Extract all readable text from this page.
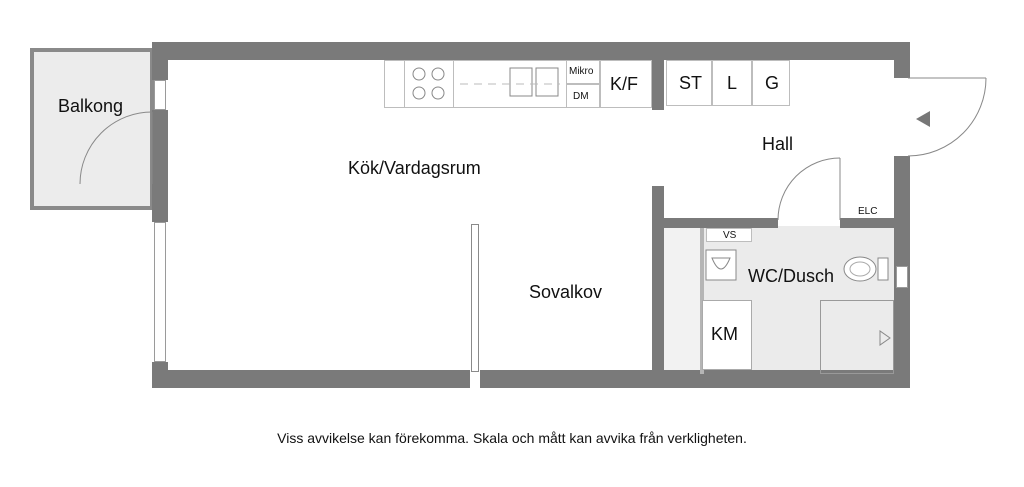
Mikro
DM
K/F ST L G
VS
ELC
Balkong
Kök/Vardagsrum
Sovalkov
Hall
WC/Dusch
KM
Viss avvikelse kan förekomma. Skala och mått kan avvika från verkligheten.
